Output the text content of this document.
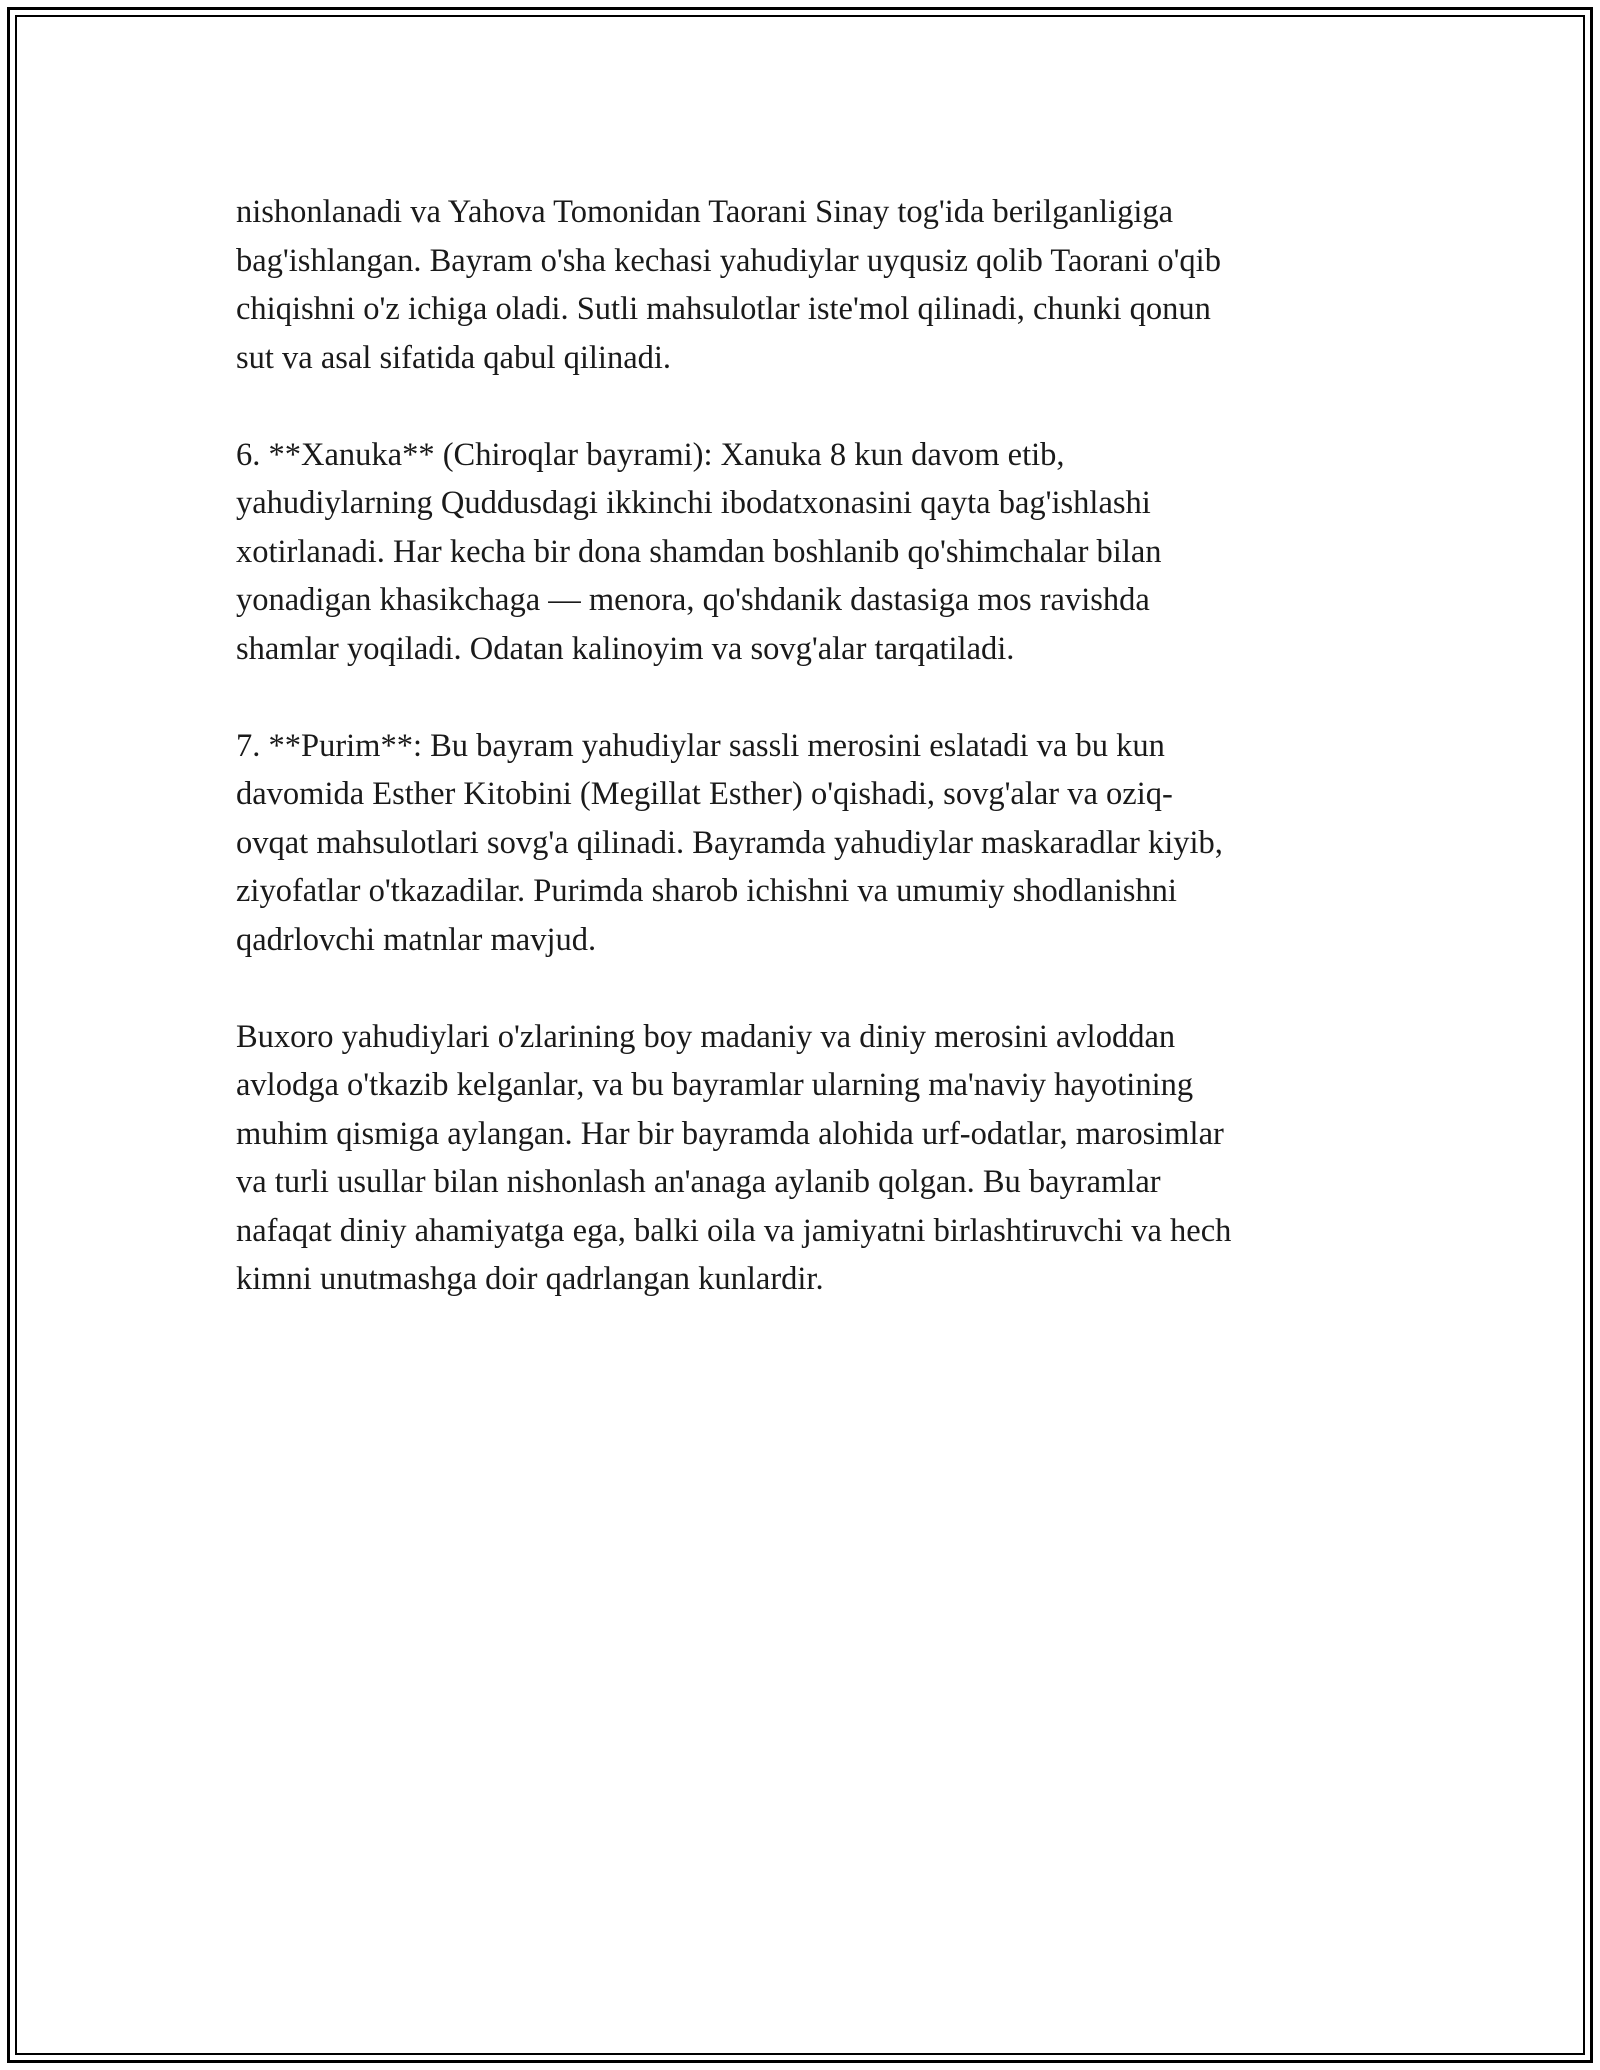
nishonlanadi va Yahova Tomonidan Taorani Sinay tog'ida berilganligiga
bag'ishlangan. Bayram o'sha kechasi yahudiylar uyqusiz qolib Taorani o'qib
chiqishni o'z ichiga oladi. Sutli mahsulotlar iste'mol qilinadi, chunki qonun
sut va asal sifatida qabul qilinadi.

6. **Xanuka** (Chiroqlar bayrami): Xanuka 8 kun davom etib,
yahudiylarning Quddusdagi ikkinchi ibodatxonasini qayta bag'ishlashi
xotirlanadi. Har kecha bir dona shamdan boshlanib qo'shimchalar bilan
yonadigan khasikchaga — menora, qo'shdanik dastasiga mos ravishda
shamlar yoqiladi. Odatan kalinoyim va sovg'alar tarqatiladi.

7. **Purim**: Bu bayram yahudiylar sassli merosini eslatadi va bu kun
davomida Esther Kitobini (Megillat Esther) o'qishadi, sovg'alar va oziq-
ovqat mahsulotlari sovg'a qilinadi. Bayramda yahudiylar maskaradlar kiyib,
ziyofatlar o'tkazadilar. Purimda sharob ichishni va umumiy shodlanishni
qadrlovchi matnlar mavjud.

Buxoro yahudiylari o'zlarining boy madaniy va diniy merosini avloddan
avlodga o'tkazib kelganlar, va bu bayramlar ularning ma'naviy hayotining
muhim qismiga aylangan. Har bir bayramda alohida urf-odatlar, marosimlar
va turli usullar bilan nishonlash an'anaga aylanib qolgan. Bu bayramlar
nafaqat diniy ahamiyatga ega, balki oila va jamiyatni birlashtiruvchi va hech
kimni unutmashga doir qadrlangan kunlardir.
